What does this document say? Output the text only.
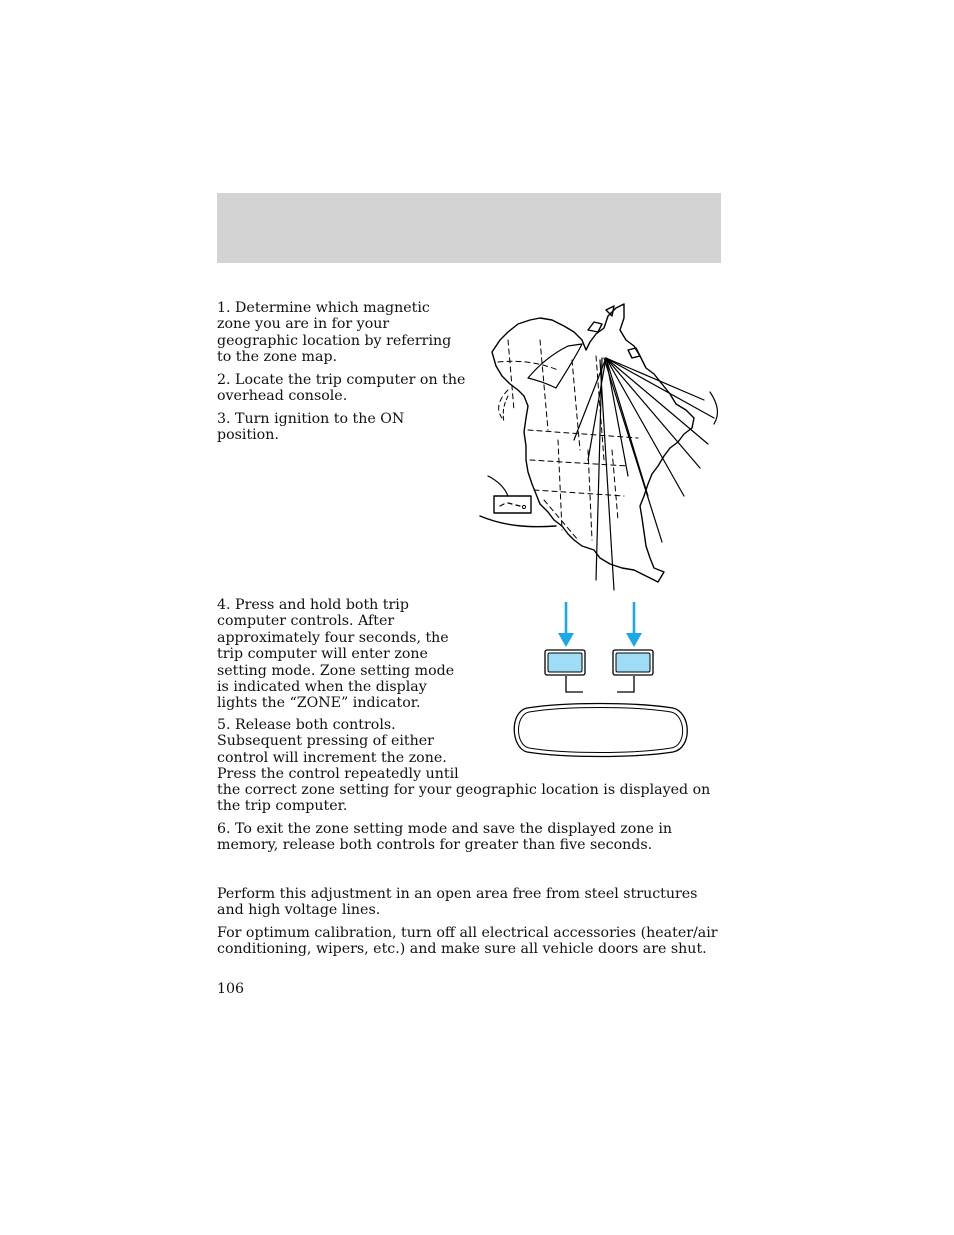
1. Determine which magnetic zone you are in for your geographic location by referring to the zone map.

2. Locate the trip computer on the overhead console.

3. Turn ignition to the ON position.

4. Press and hold both trip computer controls. After approximately four seconds, the trip computer will enter zone setting mode. Zone setting mode is indicated when the display lights the “ZONE” indicator.

5. Release both controls. Subsequent pressing of either control will increment the zone. Press the control repeatedly until

the correct zone setting for your geographic location is displayed on the trip computer.

6. To exit the zone setting mode and save the displayed zone in memory, release both controls for greater than five seconds.

Perform this adjustment in an open area free from steel structures and high voltage lines.

For optimum calibration, turn off all electrical accessories (heater/air conditioning, wipers, etc.) and make sure all vehicle doors are shut.

106
